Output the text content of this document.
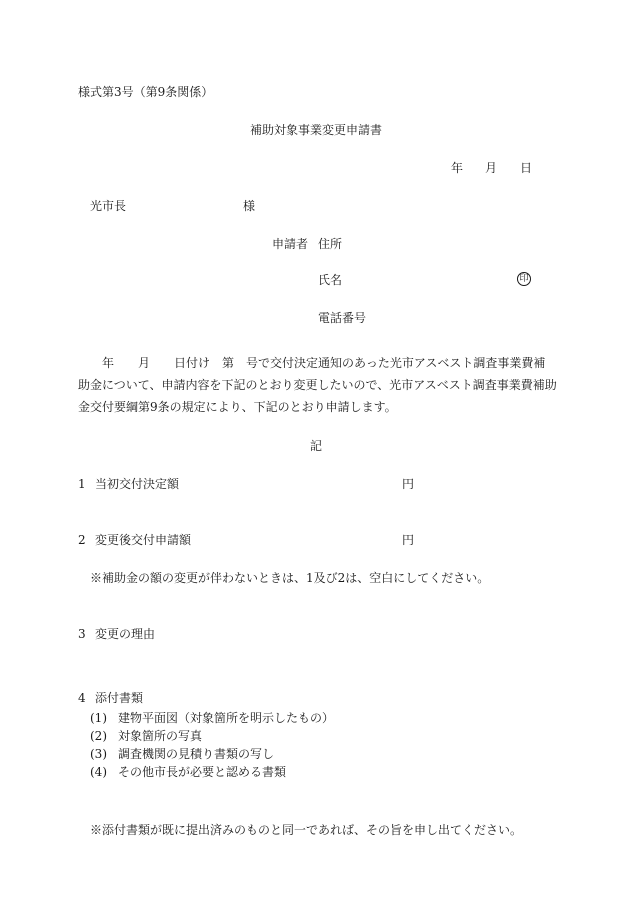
様式第3号（第9条関係）
補助対象事業変更申請書
年 月 日
光市長	様
申請者 住所
氏名	印
電話番号
　　年　　月　　日付け　第　号で交付決定通知のあった光市アスベスト調査事業費補
助金について、申請内容を下記のとおり変更したいので、光市アスベスト調査事業費補助
金交付要綱第9条の規定により、下記のとおり申請します。
記
1 当初交付決定額	円
2 変更後交付申請額	円
※補助金の額の変更が伴わないときは、1及び2は、空白にしてください。
3 変更の理由
4 添付書類
(1) 建物平面図（対象箇所を明示したもの）
(2) 対象箇所の写真
(3) 調査機関の見積り書類の写し
(4) その他市長が必要と認める書類
※添付書類が既に提出済みのものと同一であれば、その旨を申し出てください。
